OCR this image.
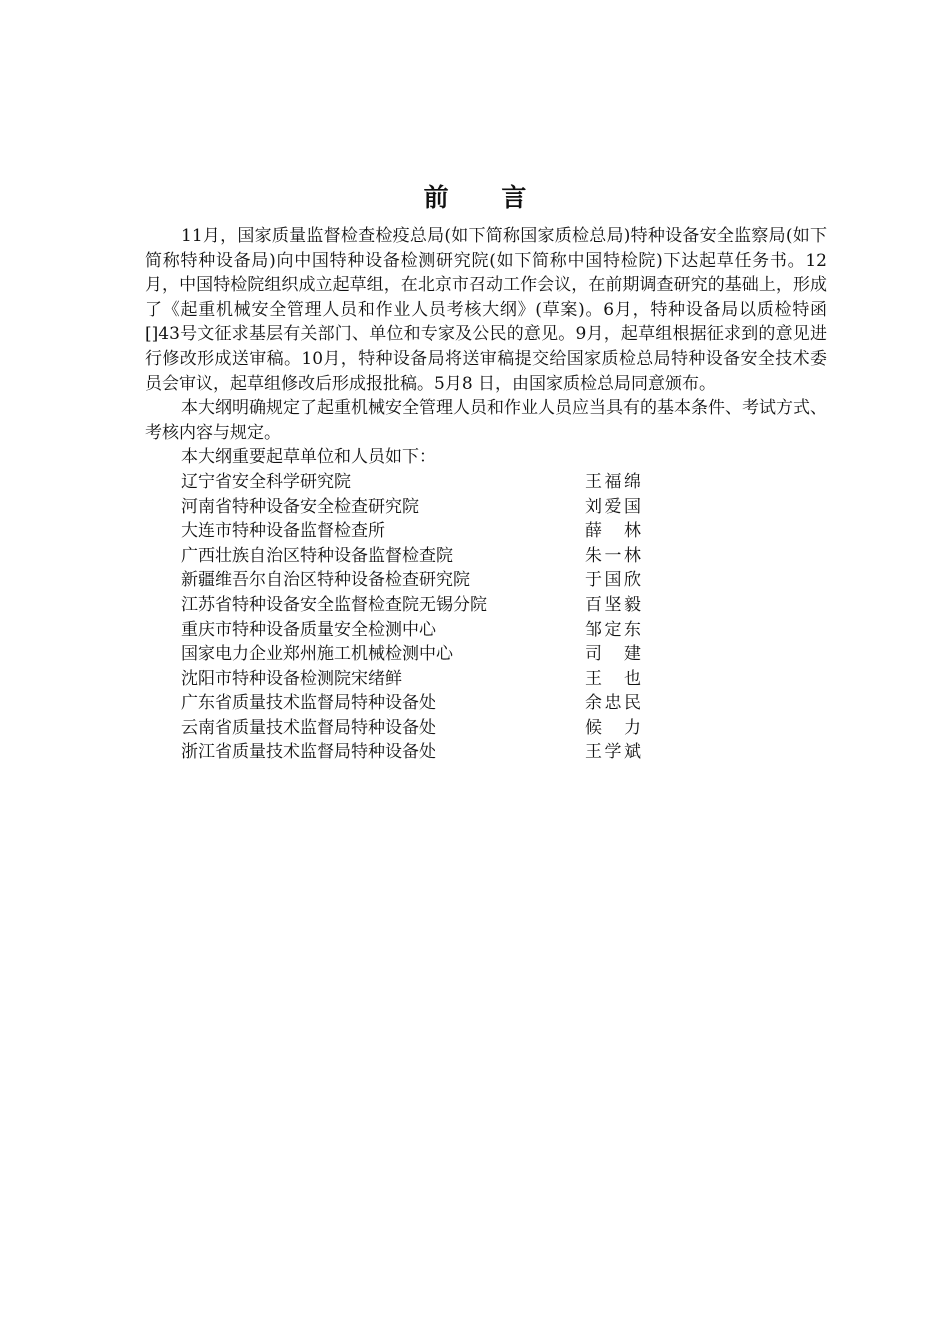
前 言

11月，国家质量监督检查检疫总局(如下简称国家质检总局)特种设备安全监察局(如下简称特种设备局)向中国特种设备检测研究院(如下简称中国特检院)下达起草任务书。12月，中国特检院组织成立起草组，在北京市召动工作会议，在前期调查研究的基础上，形成了《起重机械安全管理人员和作业人员考核大纲》(草案)。6月，特种设备局以质检特函[]43号文征求基层有关部门、单位和专家及公民的意见。9月，起草组根据征求到的意见进行修改形成送审稿。10月，特种设备局将送审稿提交给国家质检总局特种设备安全技术委员会审议，起草组修改后形成报批稿。5月8 日，由国家质检总局同意颁布。

本大纲明确规定了起重机械安全管理人员和作业人员应当具有的基本条件、考试方式、考核内容与规定。

本大纲重要起草单位和人员如下：

辽宁省安全科学研究院	王福绵
河南省特种设备安全检查研究院	刘爱国
大连市特种设备监督检查所	薛林
广西壮族自治区特种设备监督检查院	朱一林
新疆维吾尔自治区特种设备检查研究院	于国欣
江苏省特种设备安全监督检查院无锡分院	百坚毅
重庆市特种设备质量安全检测中心	邹定东
国家电力企业郑州施工机械检测中心	司建
沈阳市特种设备检测院宋绪鲜	王也
广东省质量技术监督局特种设备处	余忠民
云南省质量技术监督局特种设备处	候力
浙江省质量技术监督局特种设备处	王学斌
